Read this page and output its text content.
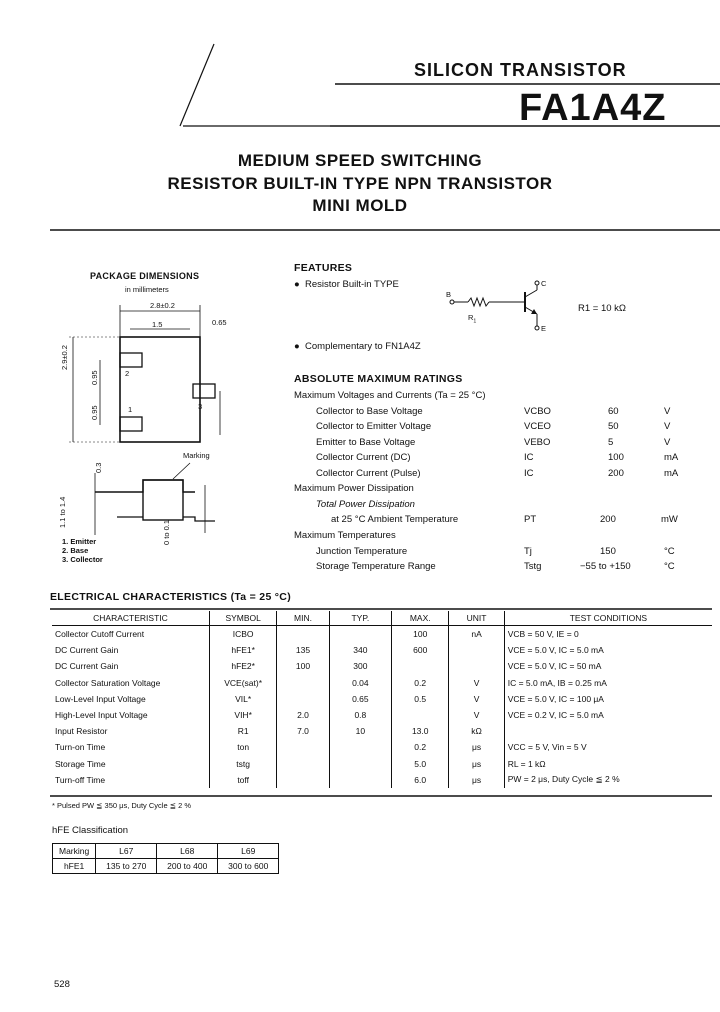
SILICON TRANSISTOR
FA1A4Z
MEDIUM SPEED SWITCHING
RESISTOR BUILT-IN TYPE NPN TRANSISTOR
MINI MOLD
PACKAGE DIMENSIONS
in millimeters
2.8±0.2
1.5	0.65
2.9±0.2
0.95
0.95
0.3
1.1 to 1.4
0 to 0.1
2
1	3
Marking
1. Emitter
2. Base
3. Collector
FEATURES
●  Resistor Built-in TYPE
B
C
E
$R_1$
R1 = 10 kΩ
●  Complementary to FN1A4Z
ABSOLUTE MAXIMUM RATINGS
Maximum Voltages and Currents (Ta = 25 °C)
Collector to Base Voltage	VCBO	60	V
Collector to Emitter Voltage	VCEO	50	V
Emitter to Base Voltage	VEBO	5	V
Collector Current (DC)	IC	100	mA
Collector Current (Pulse)	IC	200	mA
Maximum Power Dissipation
Total Power Dissipation
at 25 °C Ambient Temperature	PT	200	mW
Maximum Temperatures
Junction Temperature	Tj	150	°C
Storage Temperature Range	Tstg	−55 to +150	°C
ELECTRICAL CHARACTERISTICS (Ta = 25 °C)
CHARACTERISTIC	SYMBOL	MIN.	TYP.	MAX.	UNIT	TEST CONDITIONS
Collector Cutoff Current	ICBO			100	nA	VCB = 50 V, IE = 0
DC Current Gain	hFE1*	135	340	600		VCE = 5.0 V, IC = 5.0 mA
DC Current Gain	hFE2*	100	300			VCE = 5.0 V, IC = 50 mA
Collector Saturation Voltage	VCE(sat)*		0.04	0.2	V	IC = 5.0 mA, IB = 0.25 mA
Low-Level Input Voltage	VIL*		0.65	0.5	V	VCE = 5.0 V, IC = 100 μA
High-Level Input Voltage	VIH*	2.0	0.8		V	VCE = 0.2 V, IC = 5.0 mA
Input Resistor	R1	7.0	10	13.0	kΩ	
Turn-on Time	ton			0.2	μs	VCC = 5 V, Vin = 5 V
Storage Time	tstg			5.0	μs	RL = 1 kΩ
Turn-off Time	toff			6.0	μs	PW = 2 μs, Duty Cycle ≦ 2 %
* Pulsed PW ≦ 350 μs, Duty Cycle ≦ 2 %
hFE Classification
Marking	L67	L68	L69
hFE1	135 to 270	200 to 400	300 to 600
528
